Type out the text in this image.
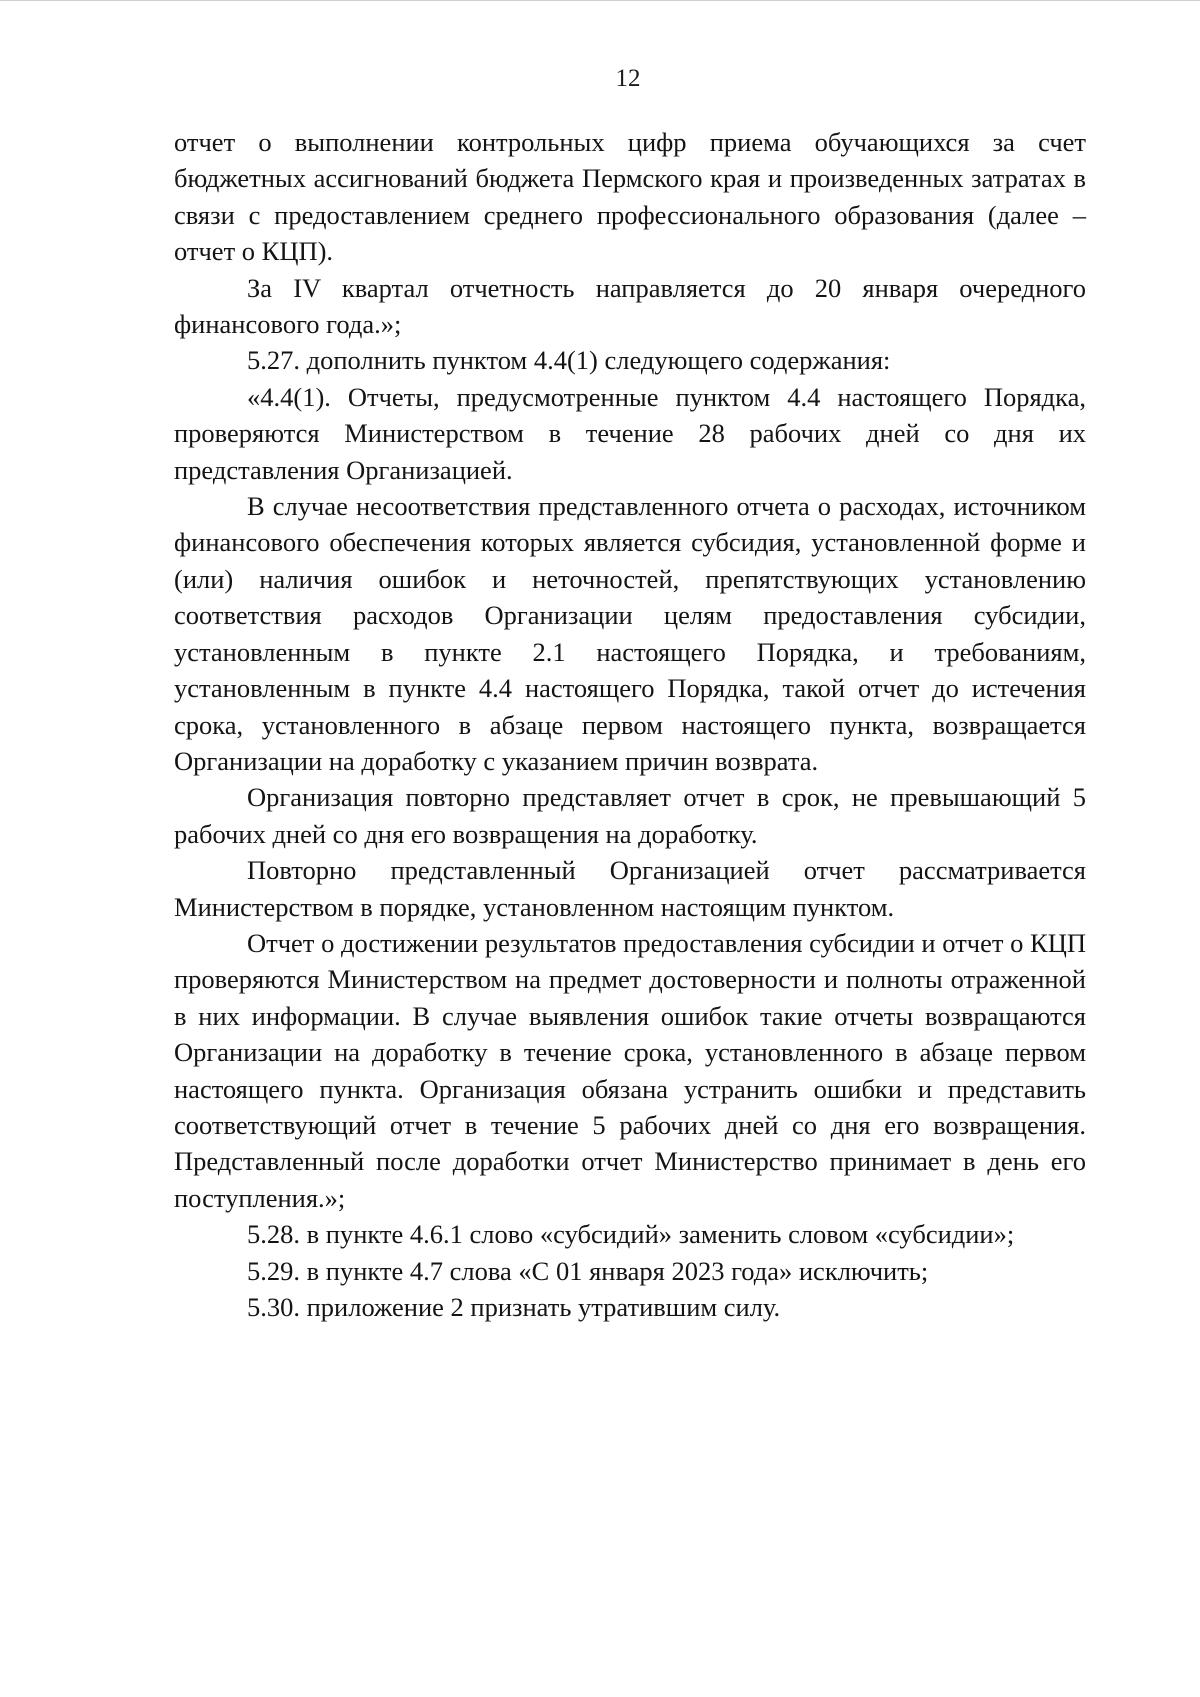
12

отчет о выполнении контрольных цифр приема обучающихся за счет бюджетных ассигнований бюджета Пермского края и произведенных затратах в связи с предоставлением среднего профессионального образования (далее – отчет о КЦП).

За IV квартал отчетность направляется до 20 января очередного финансового года.»;

5.27. дополнить пунктом 4.4(1) следующего содержания:

«4.4(1). Отчеты, предусмотренные пунктом 4.4 настоящего Порядка, проверяются Министерством в течение 28 рабочих дней со дня их представления Организацией.

В случае несоответствия представленного отчета о расходах, источником финансового обеспечения которых является субсидия, установленной форме и (или) наличия ошибок и неточностей, препятствующих установлению соответствия расходов Организации целям предоставления субсидии, установленным в пункте 2.1 настоящего Порядка, и требованиям, установленным в пункте 4.4 настоящего Порядка, такой отчет до истечения срока, установленного в абзаце первом настоящего пункта, возвращается Организации на доработку с указанием причин возврата.

Организация повторно представляет отчет в срок, не превышающий 5 рабочих дней со дня его возвращения на доработку.

Повторно представленный Организацией отчет рассматривается Министерством в порядке, установленном настоящим пунктом.

Отчет о достижении результатов предоставления субсидии и отчет о КЦП проверяются Министерством на предмет достоверности и полноты отраженной в них информации. В случае выявления ошибок такие отчеты возвращаются Организации на доработку в течение срока, установленного в абзаце первом настоящего пункта. Организация обязана устранить ошибки и представить соответствующий отчет в течение 5 рабочих дней со дня его возвращения. Представленный после доработки отчет Министерство принимает в день его поступления.»;

5.28. в пункте 4.6.1 слово «субсидий» заменить словом «субсидии»;

5.29. в пункте 4.7 слова «С 01 января 2023 года» исключить;

5.30. приложение 2 признать утратившим силу.
